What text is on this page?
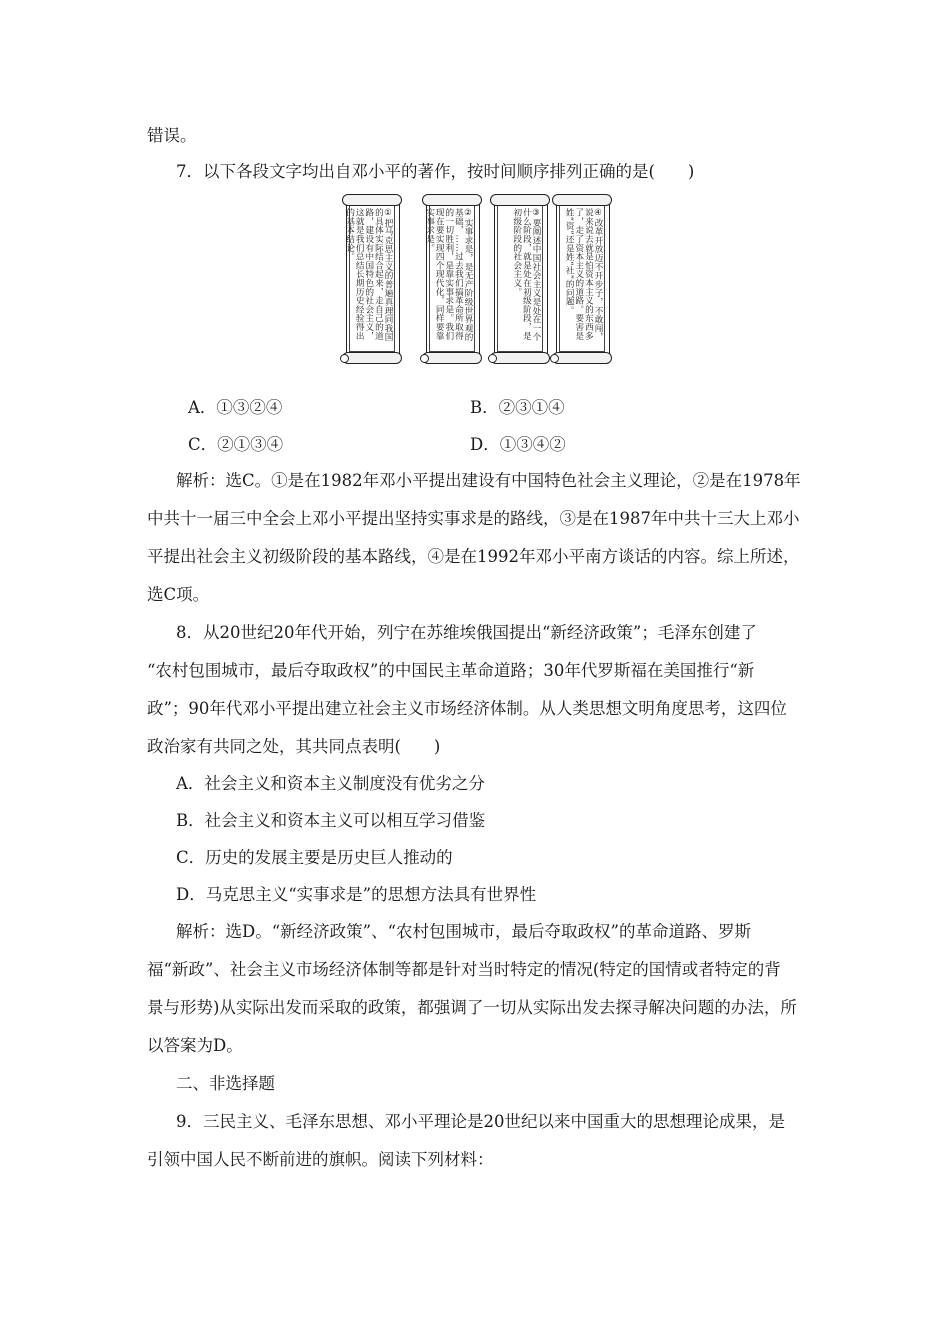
错误。
7．以下各段文字均出自邓小平的著作，按时间顺序排列正确的是(　　)
①把马克思主义的普遍真理同我国的具体实际结合起来，走自己的道路，建设有中国特色的社会主义，这就是我们总结长期历史经验得出的基本结论。	②实事求是，是无产阶级世界观的基础，……过去我们搞革命所取得的一切胜利，是靠实事求是。我们现在要实现四个现代化，同样要靠实事求是。	③要阐述中国社会主义是处在一个什么阶段，就是处在初级阶段，是初级阶段的社会主义。	④改革开放迈不开步子，不敢闯，说来说去就是怕资本主义的东西多了，走了资本主义的道路。要害是姓“资”还是姓“社”的问题。
A．①③②④	B．②③①④
C．②①③④	D．①③④②
解析：选C。①是在1982年邓小平提出建设有中国特色社会主义理论，②是在1978年
中共十一届三中全会上邓小平提出坚持实事求是的路线，③是在1987年中共十三大上邓小
平提出社会主义初级阶段的基本路线，④是在1992年邓小平南方谈话的内容。综上所述，
选C项。
8．从20世纪20年代开始，列宁在苏维埃俄国提出“新经济政策”；毛泽东创建了
“农村包围城市，最后夺取政权”的中国民主革命道路；30年代罗斯福在美国推行“新
政”；90年代邓小平提出建立社会主义市场经济体制。从人类思想文明角度思考，这四位
政治家有共同之处，其共同点表明(　　)
A．社会主义和资本主义制度没有优劣之分
B．社会主义和资本主义可以相互学习借鉴
C．历史的发展主要是历史巨人推动的
D．马克思主义“实事求是”的思想方法具有世界性
解析：选D。“新经济政策”、“农村包围城市，最后夺取政权”的革命道路、罗斯
福“新政”、社会主义市场经济体制等都是针对当时特定的情况(特定的国情或者特定的背
景与形势)从实际出发而采取的政策，都强调了一切从实际出发去探寻解决问题的办法，所
以答案为D。
二、非选择题
9．三民主义、毛泽东思想、邓小平理论是20世纪以来中国重大的思想理论成果，是
引领中国人民不断前进的旗帜。阅读下列材料：
